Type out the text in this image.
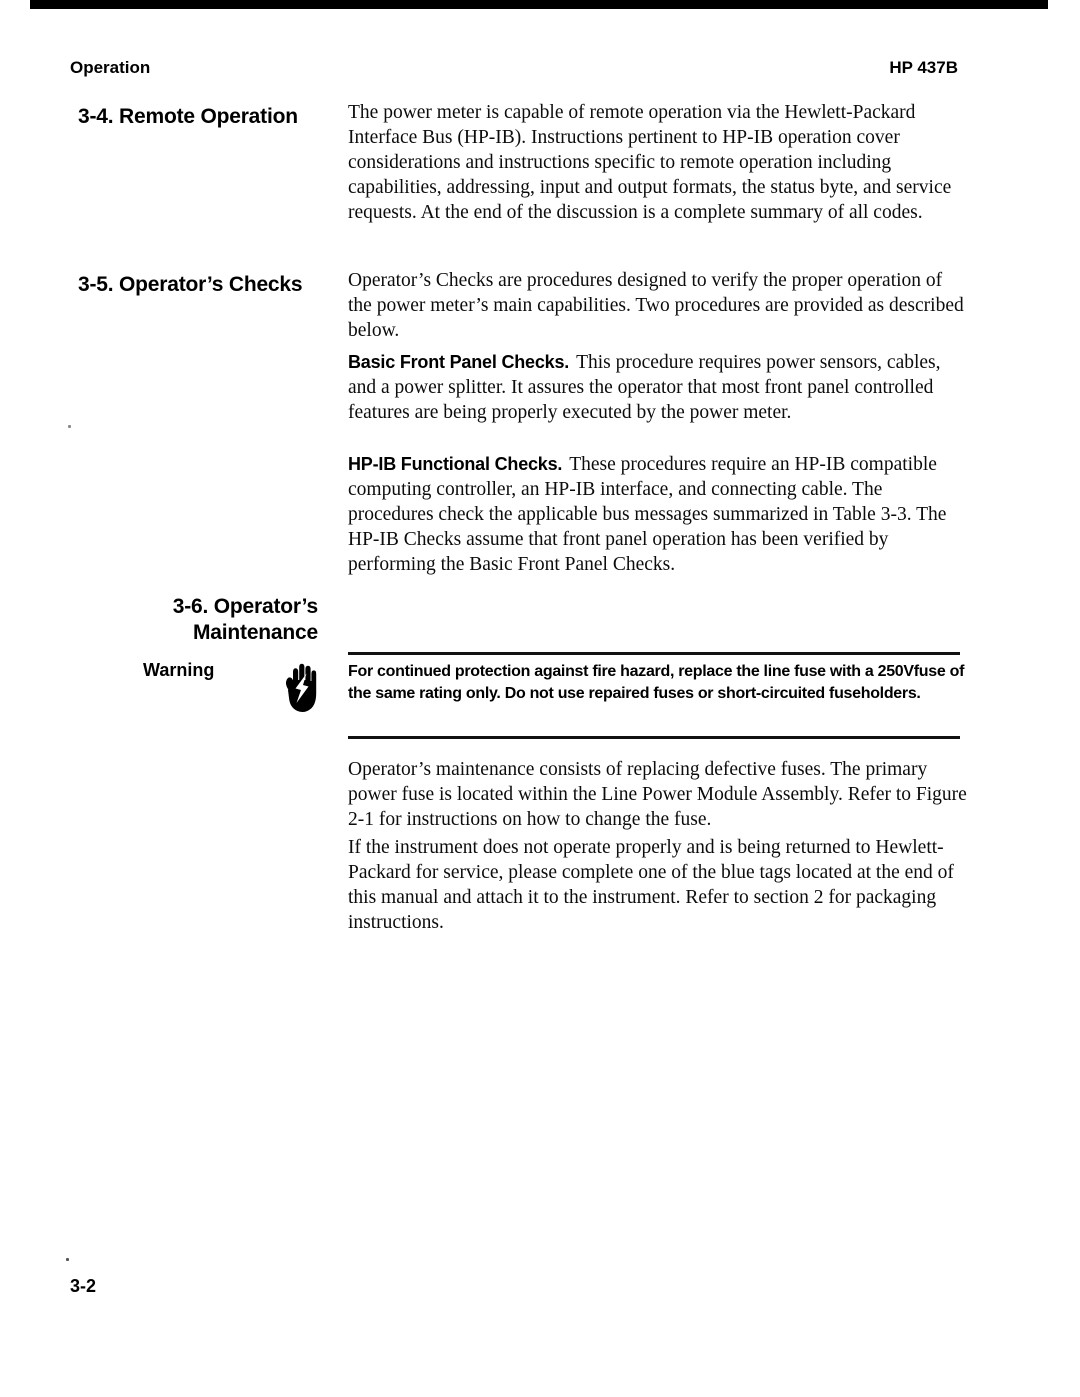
Operation	HP 437B
3-4. Remote Operation	The power meter is capable of remote operation via the Hewlett-Packard Interface Bus (HP-IB). Instructions pertinent to HP-IB operation cover considerations and instructions specific to remote operation including capabilities, addressing, input and output formats, the status byte, and service requests. At the end of the discussion is a complete summary of all codes.
3-5. Operator’s Checks	Operator’s Checks are procedures designed to verify the proper operation of the power meter’s main capabilities. Two procedures are provided as described below.
Basic Front Panel Checks. This procedure requires power sensors, cables, and a power splitter. It assures the operator that most front panel controlled features are being properly executed by the power meter.
HP-IB Functional Checks. These procedures require an HP-IB compatible computing controller, an HP-IB interface, and connecting cable. The procedures check the applicable bus messages summarized in Table 3-3. The HP-IB Checks assume that front panel operation has been verified by performing the Basic Front Panel Checks.
3-6. Operator’s
Maintenance
Warning	For continued protection against fire hazard, replace the line fuse with a 250Vfuse of the same rating only. Do not use repaired fuses or short-circuited fuseholders.
Operator’s maintenance consists of replacing defective fuses. The primary power fuse is located within the Line Power Module Assembly. Refer to Figure 2-1 for instructions on how to change the fuse.
If the instrument does not operate properly and is being returned to Hewlett-Packard for service, please complete one of the blue tags located at the end of this manual and attach it to the instrument. Refer to section 2 for packaging instructions.
3-2
